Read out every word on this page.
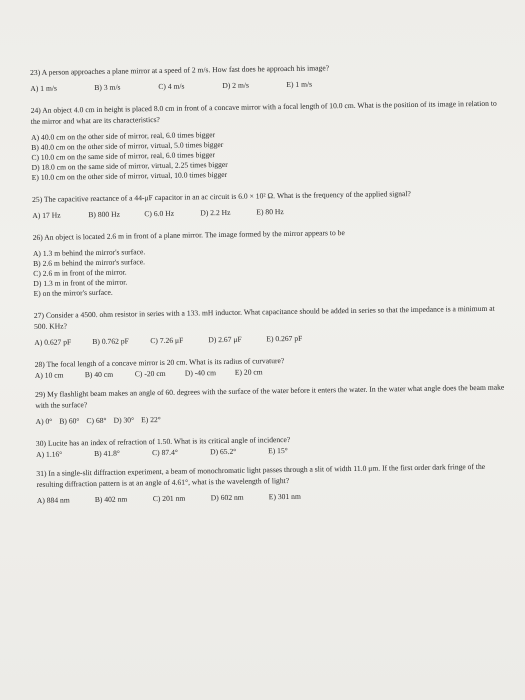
23) A person approaches a plane mirror at a speed of 2 m/s. How fast does he approach his image?

A) 1 m/s	B) 3 m/s	C) 4 m/s	D) 2 m/s	E) 1 m/s

24) An object 4.0 cm in height is placed 8.0 cm in front of a concave mirror with a focal length of 10.0 cm. What is the position of its image in relation to the mirror and what are its characteristics?

A) 40.0 cm on the other side of mirror, real, 6.0 times bigger
B) 40.0 cm on the other side of mirror, virtual, 5.0 times bigger
C) 10.0 cm on the same side of mirror, real, 6.0 times bigger
D) 18.0 cm on the same side of mirror, virtual, 2.25 times bigger
E) 10.0 cm on the other side of mirror, virtual, 10.0 times bigger

25) The capacitive reactance of a 44-μF capacitor in an ac circuit is 6.0 × 10² Ω. What is the frequency of the applied signal?

A) 17 Hz	B) 800 Hz	C) 6.0 Hz	D) 2.2 Hz	E) 80 Hz

26) An object is located 2.6 m in front of a plane mirror. The image formed by the mirror appears to be

A) 1.3 m behind the mirror's surface.
B) 2.6 m behind the mirror's surface.
C) 2.6 m in front of the mirror.
D) 1.3 m in front of the mirror.
E) on the mirror's surface.

27) Consider a 4500. ohm resistor in series with a 133. mH inductor. What capacitance should be added in series so that the impedance is a minimum at 500. KHz?

A) 0.627 pF	B) 0.762 pF	C) 7.26 μF	D) 2.67 μF	E) 0.267 pF

28) The focal length of a concave mirror is 20 cm. What is its radius of curvature?

A) 10 cm	B) 40 cm	C) -20 cm	D) -40 cm	E) 20 cm

29) My flashlight beam makes an angle of 60. degrees with the surface of the water before it enters the water. In the water what angle does the beam make with the surface?

A) 0° B) 60° C) 68° D) 30° E) 22°

30) Lucite has an index of refraction of 1.50. What is its critical angle of incidence?

A) 1.16°	B) 41.8°	C) 87.4°	D) 65.2°	E) 15°

31) In a single-slit diffraction experiment, a beam of monochromatic light passes through a slit of width 11.0 μm. If the first order dark fringe of the resulting diffraction pattern is at an angle of 4.61°, what is the wavelength of light?

A) 884 nm	B) 402 nm	C) 201 nm	D) 602 nm	E) 301 nm
